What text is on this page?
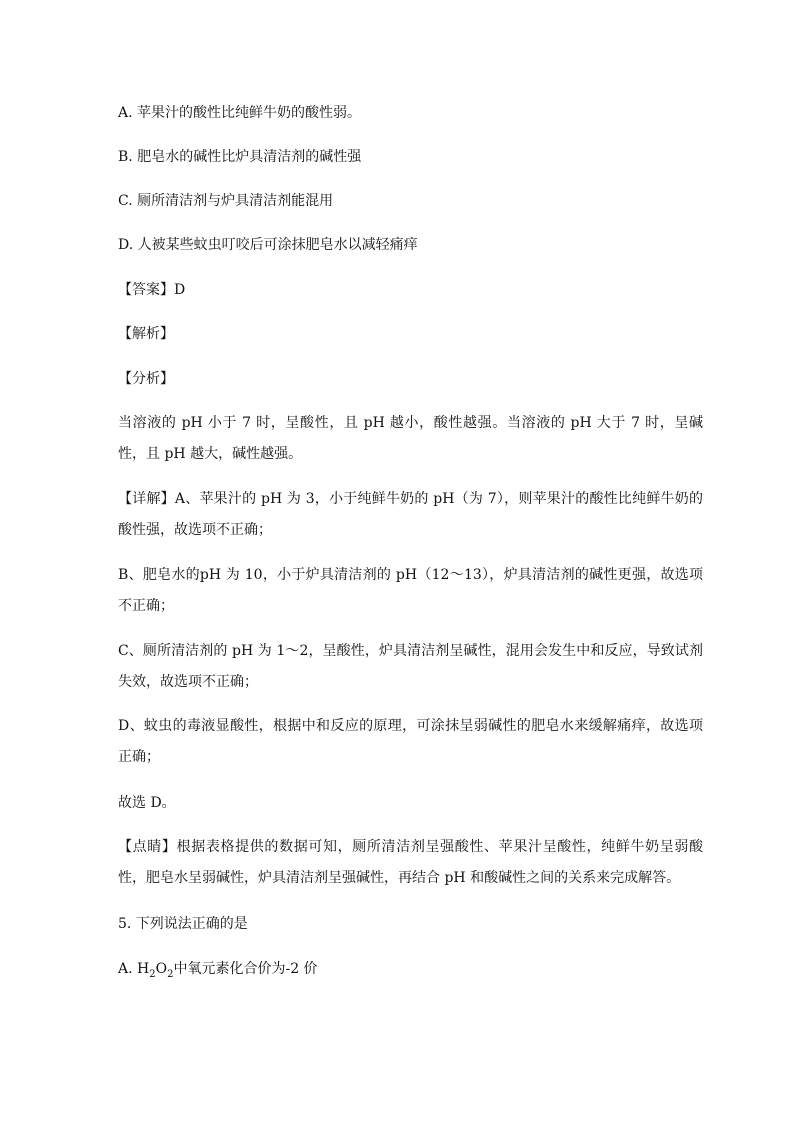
A. 苹果汁的酸性比纯鲜牛奶的酸性弱。
B. 肥皂水的碱性比炉具清洁剂的碱性强
C. 厕所清洁剂与炉具清洁剂能混用
D. 人被某些蚊虫叮咬后可涂抹肥皂水以减轻痛痒
【答案】D
【解析】
【分析】
当溶液的 pH 小于 7 时，呈酸性，且 pH 越小，酸性越强。当溶液的 pH 大于 7 时，呈碱性，且 pH 越大，碱性越强。
【详解】A、苹果汁的 pH 为 3，小于纯鲜牛奶的 pH（为 7），则苹果汁的酸性比纯鲜牛奶的酸性强，故选项不正确；
B、肥皂水的pH 为 10，小于炉具清洁剂的 pH（12～13），炉具清洁剂的碱性更强，故选项不正确；
C、厕所清洁剂的 pH 为 1～2，呈酸性，炉具清洁剂呈碱性，混用会发生中和反应，导致试剂失效，故选项不正确；
D、蚊虫的毒液显酸性，根据中和反应的原理，可涂抹呈弱碱性的肥皂水来缓解痛痒，故选项正确；
故选 D。
【点睛】根据表格提供的数据可知，厕所清洁剂呈强酸性、苹果汁呈酸性，纯鲜牛奶呈弱酸性，肥皂水呈弱碱性，炉具清洁剂呈强碱性，再结合 pH 和酸碱性之间的关系来完成解答。
5. 下列说法正确的是
A. $H_2O_2$中氧元素化合价为-2 价
